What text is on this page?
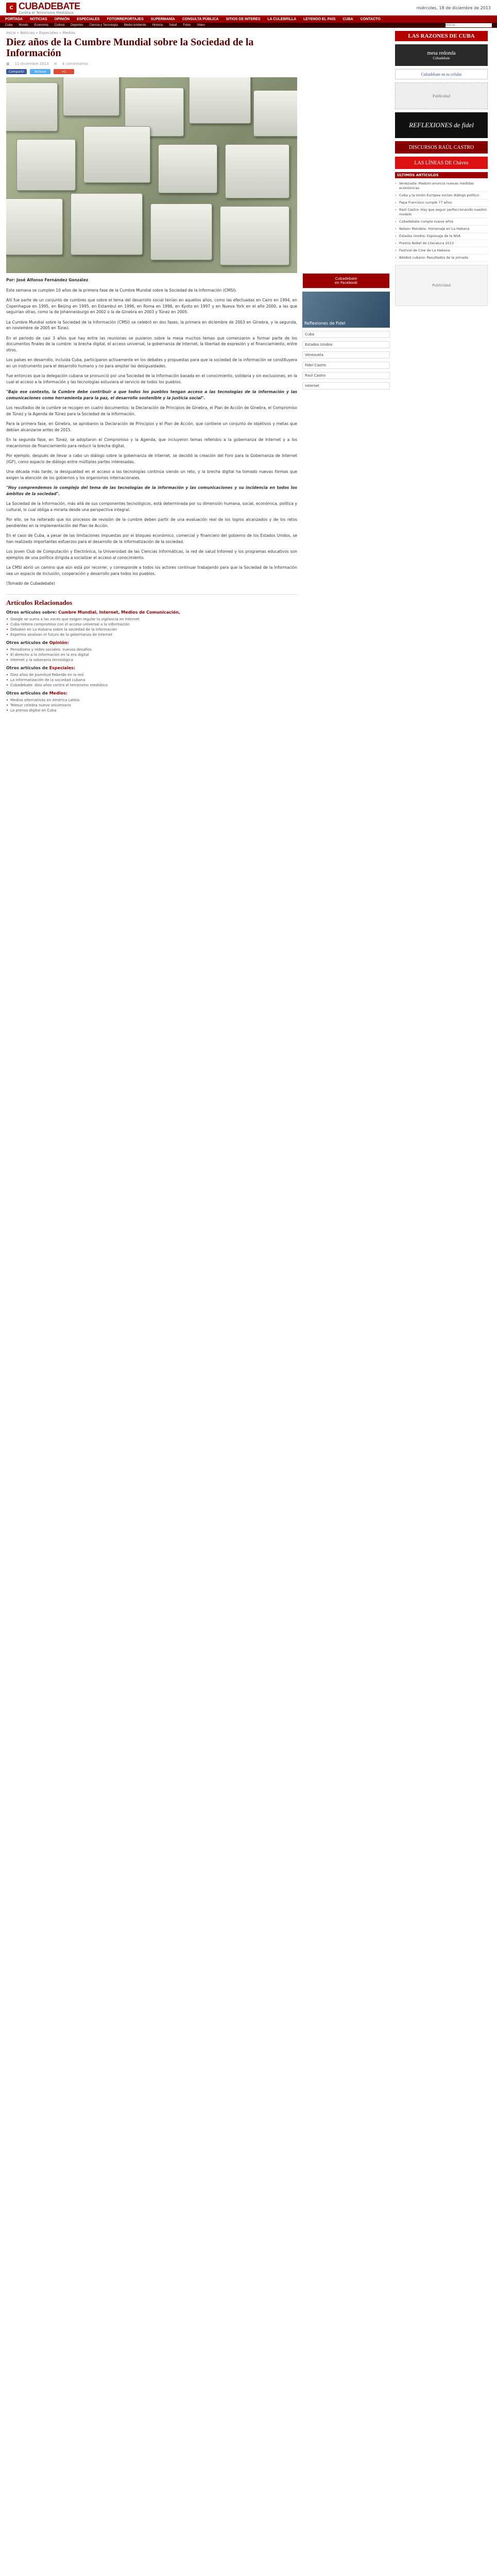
C CUBADEBATE
Contra el Terrorismo Mediático
miércoles, 18 de diciembre de 2013
PORTADA NOTICIAS OPINIÓN ESPECIALES FOTORREPORTAJES SUPERMANÍA CONSULTA PÚBLICA SITIOS DE INTERÉS LA CULEBRILLA LEYENDO EL PAÍS CUBA CONTACTO
Cuba Mundo Economía Cultura Deportes Ciencia y Tecnología Medio Ambiente Historia Salud Fotos Video
Buscar...
Inicio » Noticias » Especiales » Medios
Diez años de la Cumbre Mundial sobre la Sociedad de la Información
▦ 11 diciembre 2013 ✉ 4 comentarios
Compartir	Twittear	+1

Por: José Alfonso Fernández González

Este semana se cumplen 10 años de la primera fase de la Cumbre Mundial sobre la Sociedad de la Información (CMSI).

Allí fue parte de un conjunto de cumbres que sobre el tema del desarrollo social tenían en aquellos años, como las efectuadas en Cairo en 1994, en Copenhague en 1995, en Beijing en 1995, en Estambul en 1996, en Roma en 1996, en Kyoto en 1997 y en Nueva York en el año 2000, a las que seguirían otras, como la de Johannesburgo en 2002 o la de Ginebra en 2003 y Túnez en 2005.

La Cumbre Mundial sobre la Sociedad de la Información (CMSI) se celebró en dos fases, la primera en diciembre de 2003 en Ginebra, y la segunda, en noviembre de 2005 en Túnez.

En el período de casi 3 años que hay entre las reuniones se pusieron sobre la mesa muchos temas que comenzaron a formar parte de los documentos finales de la cumbre: la brecha digital, el acceso universal, la gobernanza de Internet, la libertad de expresión y el financiamiento, entre otros.

Los países en desarrollo, incluida Cuba, participaron activamente en los debates y propuestas para que la sociedad de la información se constituyera en un instrumento para el desarrollo humano y no para ampliar las desigualdades.

Fue entonces que la delegación cubana se pronunció por una Sociedad de la Información basada en el conocimiento, solidaria y sin exclusiones, en la cual el acceso a la información y las tecnologías estuviera al servicio de todos los pueblos.

"Bajo ese contexto, la Cumbre debe contribuir a que todos los pueblos tengan acceso a las tecnologías de la información y las comunicaciones como herramienta para la paz, el desarrollo sostenible y la justicia social".

Los resultados de la cumbre se recogen en cuatro documentos: la Declaración de Principios de Ginebra, el Plan de Acción de Ginebra, el Compromiso de Túnez y la Agenda de Túnez para la Sociedad de la Información.

Para la primera fase, en Ginebra, se aprobaron la Declaración de Principios y el Plan de Acción, que contiene un conjunto de objetivos y metas que debían alcanzarse antes de 2015.

En la segunda fase, en Túnez, se adoptaron el Compromiso y la Agenda, que incluyeron temas referidos a la gobernanza de Internet y a los mecanismos de financiamiento para reducir la brecha digital.

Por ejemplo, después de llevar a cabo un diálogo sobre la gobernanza de Internet, se decidió la creación del Foro para la Gobernanza de Internet (IGF), como espacio de diálogo entre múltiples partes interesadas.

Una década más tarde, la desigualdad en el acceso a las tecnologías continúa siendo un reto, y la brecha digital ha tomado nuevas formas que exigen la atención de los gobiernos y los organismos internacionales.

"Hoy comprendemos lo complejo del tema de las tecnologías de la información y las comunicaciones y su incidencia en todos los ámbitos de la sociedad".

La Sociedad de la Información, más allá de sus componentes tecnológicos, está determinada por su dimensión humana, social, económica, política y cultural, lo cual obliga a mirarla desde una perspectiva integral.

Por ello, se ha reiterado que los procesos de revisión de la cumbre deben partir de una evaluación real de los logros alcanzados y de los retos pendientes en la implementación del Plan de Acción.

En el caso de Cuba, a pesar de las limitaciones impuestas por el bloqueo económico, comercial y financiero del gobierno de los Estados Unidos, se han realizado importantes esfuerzos para el desarrollo de la informatización de la sociedad.

Los Joven Club de Computación y Electrónica, la Universidad de las Ciencias Informáticas, la red de salud Infomed y los programas educativos son ejemplos de una política dirigida a socializar el acceso al conocimiento.

La CMSI abrió un camino que aún está por recorrer, y corresponde a todos los actores continuar trabajando para que la Sociedad de la Información sea un espacio de inclusión, cooperación y desarrollo para todos los pueblos.

(Tomado de Cubadebate)

Artículos Relacionados
Otros artículos sobre: Cumbre Mundial, Internet, Medios de Comunicación,
• Google se suma a las voces que exigen regular la vigilancia en Internet
• Cuba reitera compromiso con el acceso universal a la información
• Debaten en La Habana sobre la sociedad de la información
• Expertos analizan el futuro de la gobernanza de Internet
Otros artículos de Opinión:
• Periodismo y redes sociales: nuevos desafíos
• El derecho a la información en la era digital
• Internet y la soberanía tecnológica
Otros artículos de Especiales:
• Diez años de Juventud Rebelde en la red
• La informatización de la sociedad cubana
• Cubadebate: diez años contra el terrorismo mediático
Otros artículos de Medios:
• Medios alternativos en América Latina
• Telesur celebra nuevo aniversario
• La prensa digital en Cuba
Cubadebate
en Facebook
Reflexiones de Fidel
Cuba
Estados Unidos
Venezuela
Fidel Castro
Raúl Castro
Internet
LAS RAZONES DE CUBA
mesa redonda
Cubadebate
Cubadebate en tu celular
Publicidad
REFLEXIONES de fidel
DISCURSOS RAÚL CASTRO
LAS LÍNEAS DE Chávez
ÚLTIMOS ARTÍCULOS
› Venezuela: Maduro anuncia nuevas medidas económicas
› Cuba y la Unión Europea inician diálogo político
› Papa Francisco cumple 77 años
› Raúl Castro: Hay que seguir perfeccionando nuestro modelo
› Cubadebate cumple nueve años
› Nelson Mandela: Homenaje en La Habana
› Estados Unidos: Espionaje de la NSA
› Premio Nobel de Literatura 2013
› Festival de Cine de La Habana
› Béisbol cubano: Resultados de la jornada
Publicidad
